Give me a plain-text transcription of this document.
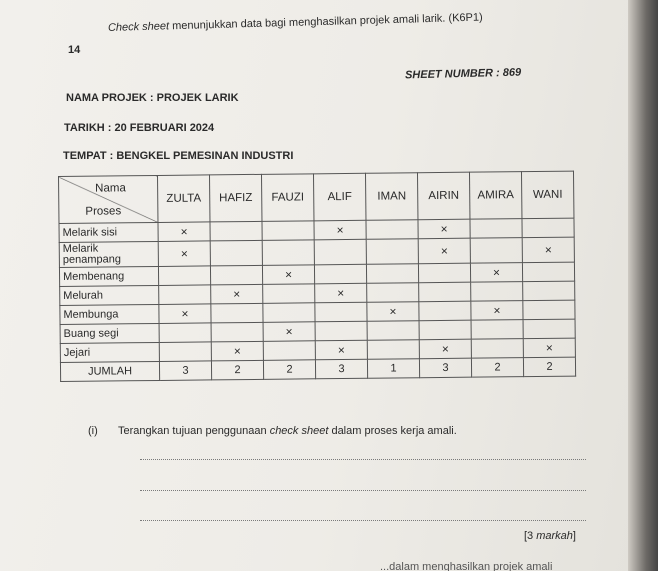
14
Check sheet menunjukkan data bagi menghasilkan projek amali larik. (K6P1)
NAMA PROJEK : PROJEK LARIK
SHEET NUMBER : 869
TARIKH : 20 FEBRUARI 2024
TEMPAT : BENGKEL PEMESINAN INDUSTRI
Nama
Proses	ZULTA	HAFIZ	FAUZI	ALIF	IMAN	AIRIN	AMIRA	WANI
Melarik sisi	×			×		×		
Melarik penampang	×					×		×
Membenang			×				×	
Melurah		×		×				
Membunga	×				×		×	
Buang segi			×					
Jejari		×		×		×		×
JUMLAH	3	2	2	3	1	3	2	2
(i) Terangkan tujuan penggunaan check sheet dalam proses kerja amali.
[3 markah]
...dalam menghasilkan projek amali
